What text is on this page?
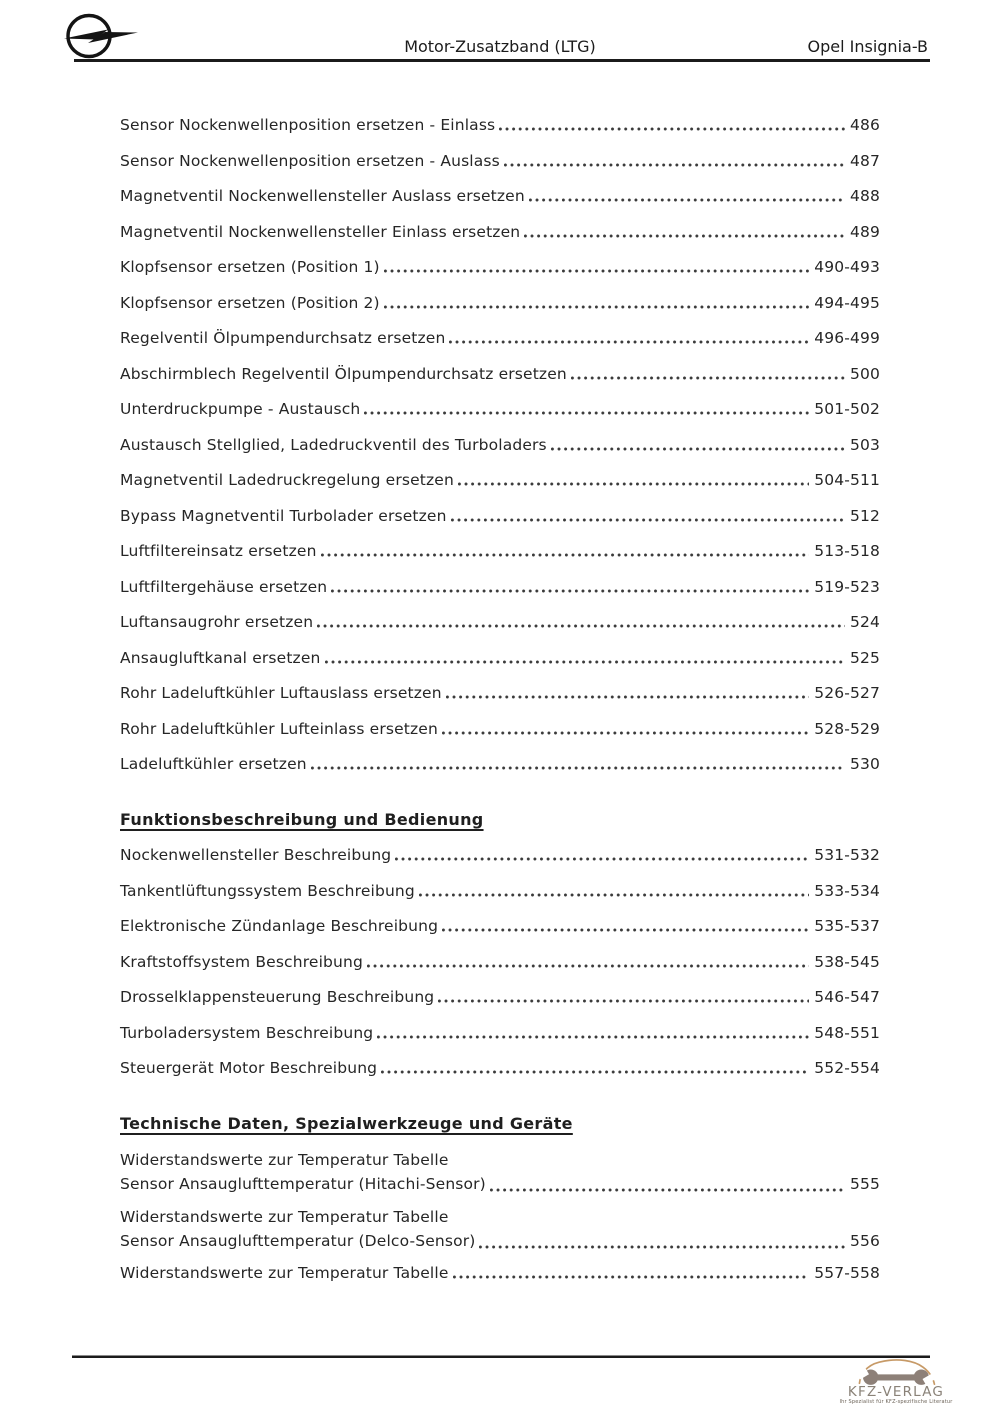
Motor-Zusatzband (LTG)	Opel Insignia-B
Sensor Nockenwellenposition ersetzen - Einlass	486
Sensor Nockenwellenposition ersetzen - Auslass	487
Magnetventil Nockenwellensteller Auslass ersetzen	488
Magnetventil Nockenwellensteller Einlass ersetzen	489
Klopfsensor ersetzen (Position 1)	490-493
Klopfsensor ersetzen (Position 2)	494-495
Regelventil Ölpumpendurchsatz ersetzen	496-499
Abschirmblech Regelventil Ölpumpendurchsatz ersetzen	500
Unterdruckpumpe - Austausch	501-502
Austausch Stellglied, Ladedruckventil des Turboladers	503
Magnetventil Ladedruckregelung ersetzen	504-511
Bypass Magnetventil Turbolader ersetzen	512
Luftfiltereinsatz ersetzen	513-518
Luftfiltergehäuse ersetzen	519-523
Luftansaugrohr ersetzen	524
Ansaugluftkanal ersetzen	525
Rohr Ladeluftkühler Luftauslass ersetzen	526-527
Rohr Ladeluftkühler Lufteinlass ersetzen	528-529
Ladeluftkühler ersetzen	530
Funktionsbeschreibung und Bedienung
Nockenwellensteller Beschreibung	531-532
Tankentlüftungssystem Beschreibung	533-534
Elektronische Zündanlage Beschreibung	535-537
Kraftstoffsystem Beschreibung	538-545
Drosselklappensteuerung Beschreibung	546-547
Turboladersystem Beschreibung	548-551
Steuergerät Motor Beschreibung	552-554
Technische Daten, Spezialwerkzeuge und Geräte
Widerstandswerte zur Temperatur Tabelle
Sensor Ansauglufttemperatur (Hitachi-Sensor)	555
Widerstandswerte zur Temperatur Tabelle
Sensor Ansauglufttemperatur (Delco-Sensor)	556
Widerstandswerte zur Temperatur Tabelle	557-558
KFZ-VERLAG
Ihr Spezialist für KFZ-spezifische Literatur
